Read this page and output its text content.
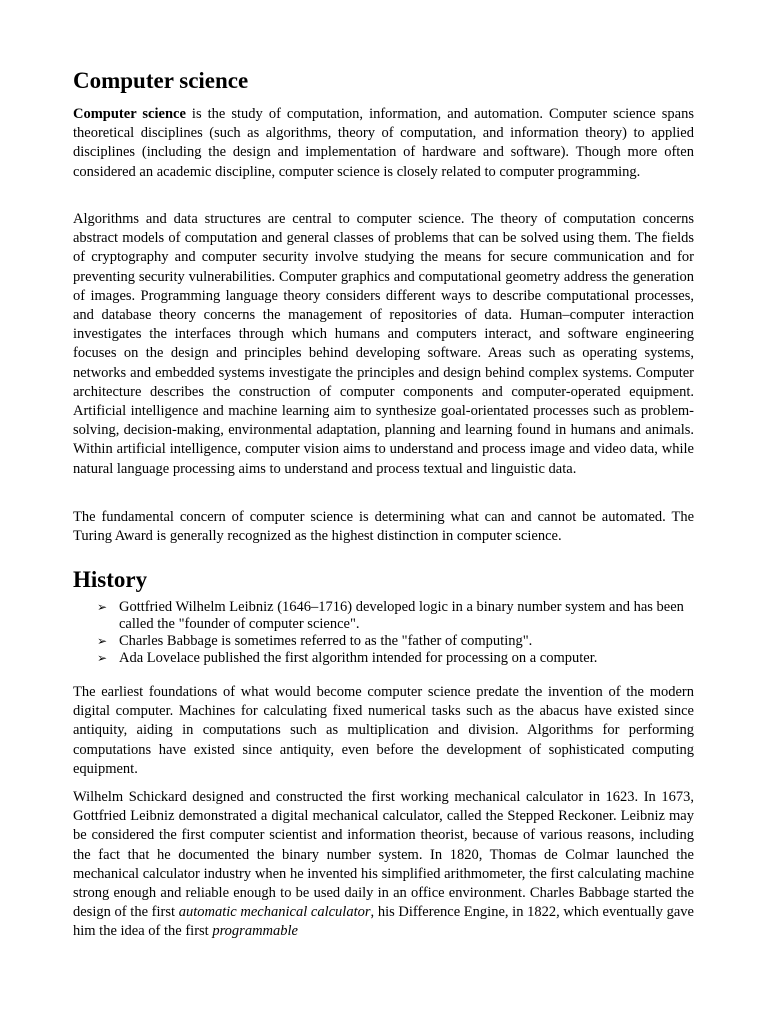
Computer science

Computer science is the study of computation, information, and automation. Computer science spans theoretical disciplines (such as algorithms, theory of computation, and information theory) to applied disciplines (including the design and implementation of hardware and software). Though more often considered an academic discipline, computer science is closely related to computer programming.

Algorithms and data structures are central to computer science. The theory of computation concerns abstract models of computation and general classes of problems that can be solved using them. The fields of cryptography and computer security involve studying the means for secure communication and for preventing security vulnerabilities. Computer graphics and computational geometry address the generation of images. Programming language theory considers different ways to describe computational processes, and database theory concerns the management of repositories of data. Human–computer interaction investigates the interfaces through which humans and computers interact, and software engineering focuses on the design and principles behind developing software. Areas such as operating systems, networks and embedded systems investigate the principles and design behind complex systems. Computer architecture describes the construction of computer components and computer-operated equipment. Artificial intelligence and machine learning aim to synthesize goal-orientated processes such as problem-solving, decision-making, environmental adaptation, planning and learning found in humans and animals. Within artificial intelligence, computer vision aims to understand and process image and video data, while natural language processing aims to understand and process textual and linguistic data.

The fundamental concern of computer science is determining what can and cannot be automated. The Turing Award is generally recognized as the highest distinction in computer science.

History
➢ Gottfried Wilhelm Leibniz (1646–1716) developed logic in a binary number system and has been called the "founder of computer science".
➢ Charles Babbage is sometimes referred to as the "father of computing".
➢ Ada Lovelace published the first algorithm intended for processing on a computer.

The earliest foundations of what would become computer science predate the invention of the modern digital computer. Machines for calculating fixed numerical tasks such as the abacus have existed since antiquity, aiding in computations such as multiplication and division. Algorithms for performing computations have existed since antiquity, even before the development of sophisticated computing equipment.

Wilhelm Schickard designed and constructed the first working mechanical calculator in 1623. In 1673, Gottfried Leibniz demonstrated a digital mechanical calculator, called the Stepped Reckoner. Leibniz may be considered the first computer scientist and information theorist, because of various reasons, including the fact that he documented the binary number system. In 1820, Thomas de Colmar launched the mechanical calculator industry when he invented his simplified arithmometer, the first calculating machine strong enough and reliable enough to be used daily in an office environment. Charles Babbage started the design of the first automatic mechanical calculator, his Difference Engine, in 1822, which eventually gave him the idea of the first programmable
